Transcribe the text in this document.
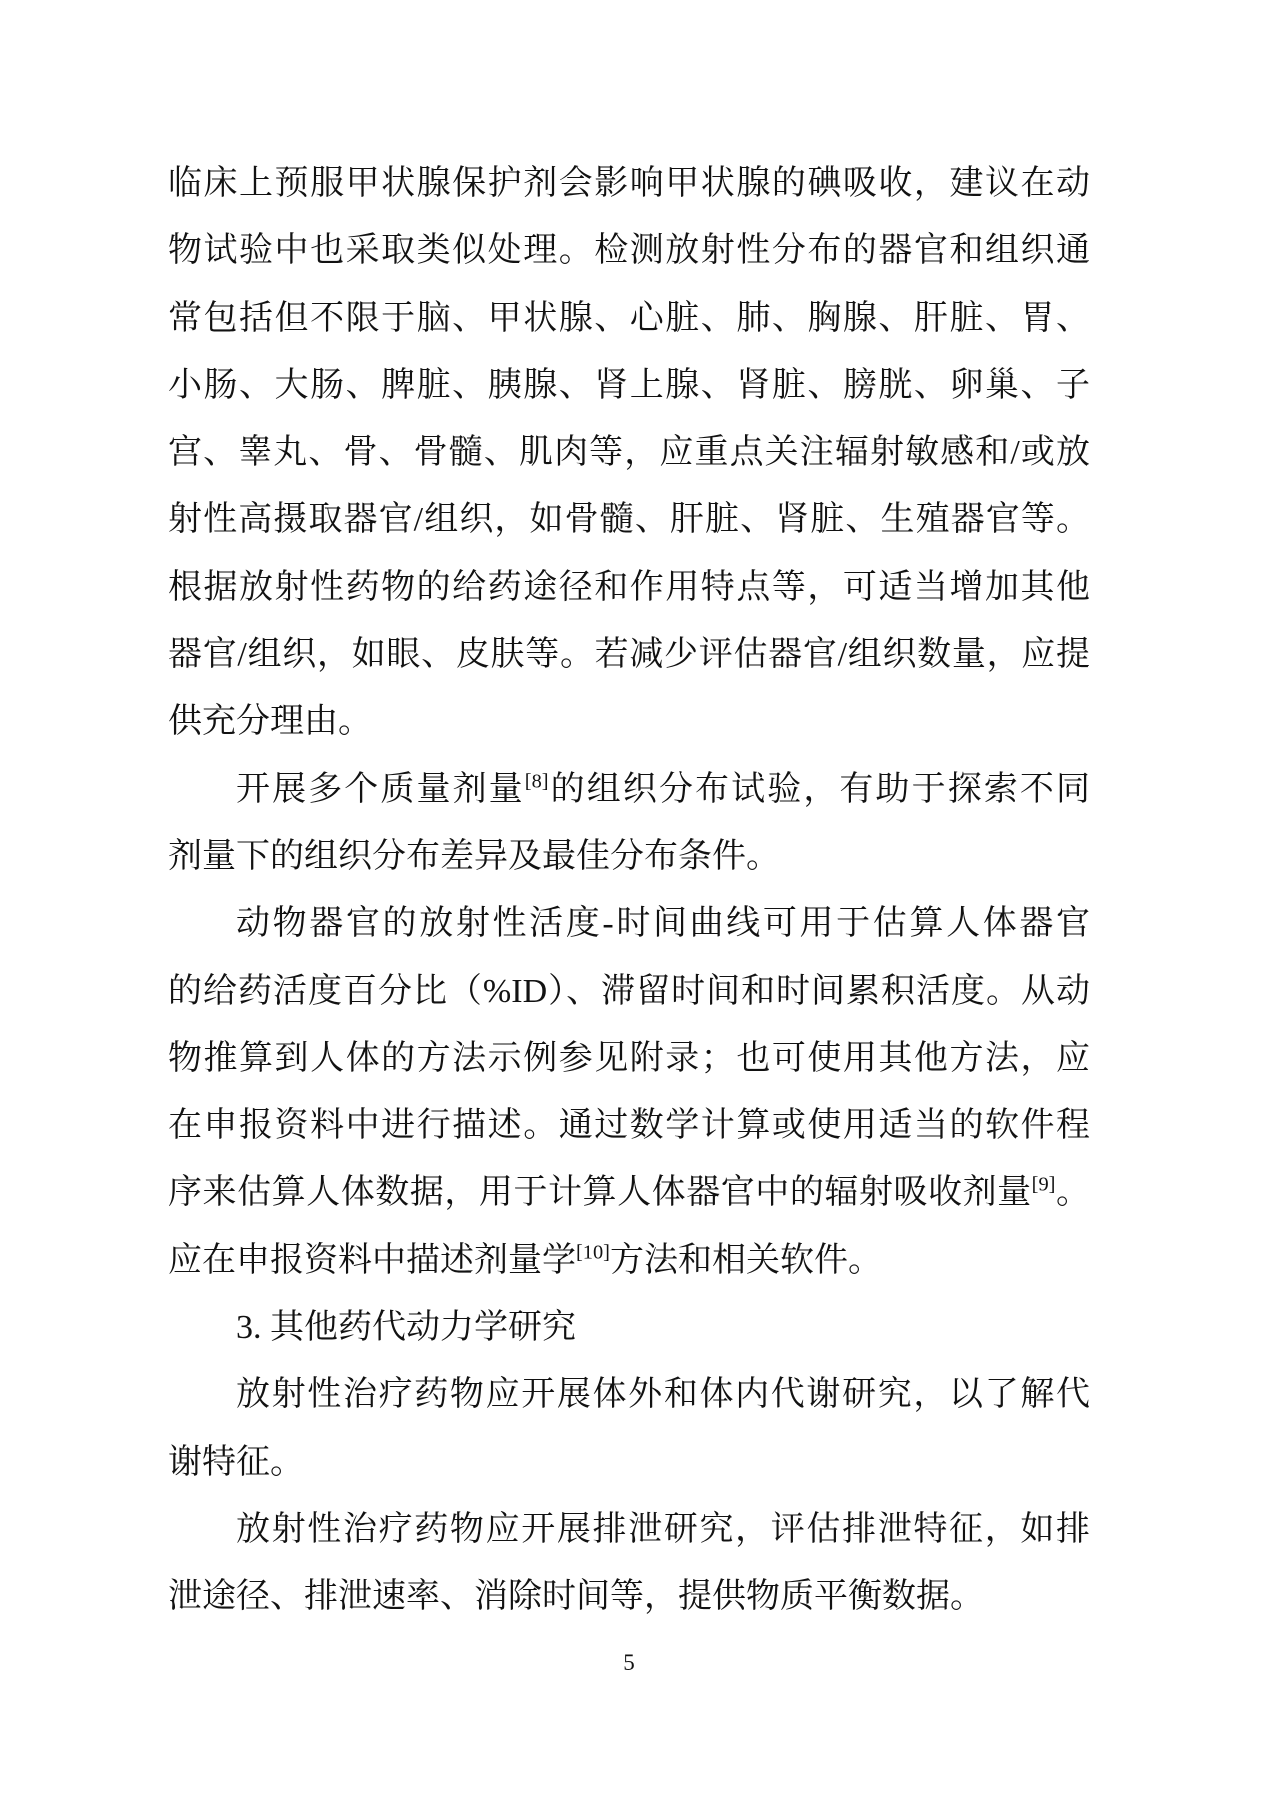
临床上预服甲状腺保护剂会影响甲状腺的碘吸收，建议在动
物试验中也采取类似处理。检测放射性分布的器官和组织通
常包括但不限于脑、甲状腺、心脏、肺、胸腺、肝脏、胃、
小肠、大肠、脾脏、胰腺、肾上腺、肾脏、膀胱、卵巢、子
宫、睾丸、骨、骨髓、肌肉等，应重点关注辐射敏感和/或放
射性高摄取器官/组织，如骨髓、肝脏、肾脏、生殖器官等。
根据放射性药物的给药途径和作用特点等，可适当增加其他
器官/组织，如眼、皮肤等。若减少评估器官/组织数量，应提
供充分理由。
开展多个质量剂量[8]的组织分布试验，有助于探索不同
剂量下的组织分布差异及最佳分布条件。
动物器官的放射性活度-时间曲线可用于估算人体器官
的给药活度百分比（%ID）、滞留时间和时间累积活度。从动
物推算到人体的方法示例参见附录；也可使用其他方法，应
在申报资料中进行描述。通过数学计算或使用适当的软件程
序来估算人体数据，用于计算人体器官中的辐射吸收剂量[9]。
应在申报资料中描述剂量学[10]方法和相关软件。
3. 其他药代动力学研究
放射性治疗药物应开展体外和体内代谢研究，以了解代
谢特征。
放射性治疗药物应开展排泄研究，评估排泄特征，如排
泄途径、排泄速率、消除时间等，提供物质平衡数据。
5
